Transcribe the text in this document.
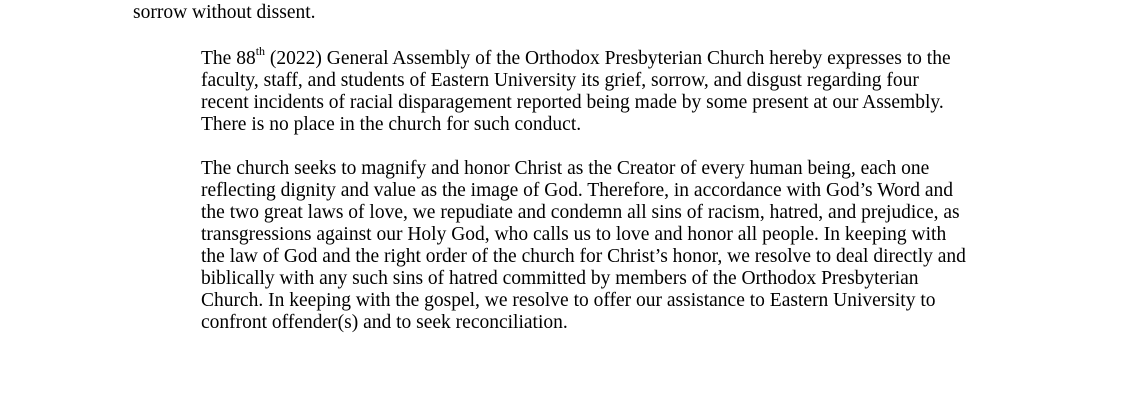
sorrow without dissent.

The 88th (2022) General Assembly of the Orthodox Presbyterian Church hereby expresses to the
faculty, staff, and students of Eastern University its grief, sorrow, and disgust regarding four
recent incidents of racial disparagement reported being made by some present at our Assembly.
There is no place in the church for such conduct.

The church seeks to magnify and honor Christ as the Creator of every human being, each one
reflecting dignity and value as the image of God. Therefore, in accordance with God’s Word and
the two great laws of love, we repudiate and condemn all sins of racism, hatred, and prejudice, as
transgressions against our Holy God, who calls us to love and honor all people. In keeping with
the law of God and the right order of the church for Christ’s honor, we resolve to deal directly and
biblically with any such sins of hatred committed by members of the Orthodox Presbyterian
Church. In keeping with the gospel, we resolve to offer our assistance to Eastern University to
confront offender(s) and to seek reconciliation.
